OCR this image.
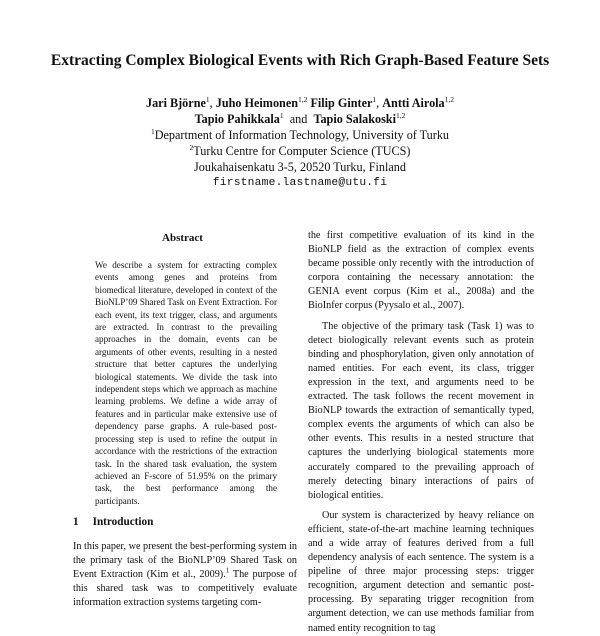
Extracting Complex Biological Events with Rich Graph-Based Feature Sets
Jari Björne$^1$, Juho Heimonen$^{1,2}$ Filip Ginter$^1$, Antti Airola$^{1,2}$
Tapio Pahikkala$^1$ and Tapio Salakoski$^{1,2}$
$^1$Department of Information Technology, University of Turku
$^2$Turku Centre for Computer Science (TUCS)
Joukahaisenkatu 3-5, 20520 Turku, Finland
firstname.lastname@utu.fi
Abstract

We describe a system for extracting complex events among genes and proteins from biomedical literature, developed in context of the BioNLP’09 Shared Task on Event Extraction. For each event, its text trigger, class, and arguments are extracted. In contrast to the prevailing approaches in the domain, events can be arguments of other events, resulting in a nested structure that better captures the underlying biological statements. We divide the task into independent steps which we approach as machine learning problems. We define a wide array of features and in particular make extensive use of dependency parse graphs. A rule-based post-processing step is used to refine the output in accordance with the restrictions of the extraction task. In the shared task evaluation, the system achieved an F-score of 51.95% on the primary task, the best performance among the participants.

1 Introduction

In this paper, we present the best-performing system in the primary task of the BioNLP’09 Shared Task on Event Extraction (Kim et al., 2009).$^1$ The purpose of this shared task was to competitively evaluate information extraction systems targeting com-

the first competitive evaluation of its kind in the BioNLP field as the extraction of complex events became possible only recently with the introduction of corpora containing the necessary annotation: the GENIA event corpus (Kim et al., 2008a) and the BioInfer corpus (Pyysalo et al., 2007).

The objective of the primary task (Task 1) was to detect biologically relevant events such as protein binding and phosphorylation, given only annotation of named entities. For each event, its class, trigger expression in the text, and arguments need to be extracted. The task follows the recent movement in BioNLP towards the extraction of semantically typed, complex events the arguments of which can also be other events. This results in a nested structure that captures the underlying biological statements more accurately compared to the prevailing approach of merely detecting binary interactions of pairs of biological entities.

Our system is characterized by heavy reliance on efficient, state-of-the-art machine learning techniques and a wide array of features derived from a full dependency analysis of each sentence. The system is a pipeline of three major processing steps: trigger recognition, argument detection and semantic post-processing. By separating trigger recognition from argument detection, we can use methods familiar from named entity recognition to tag
